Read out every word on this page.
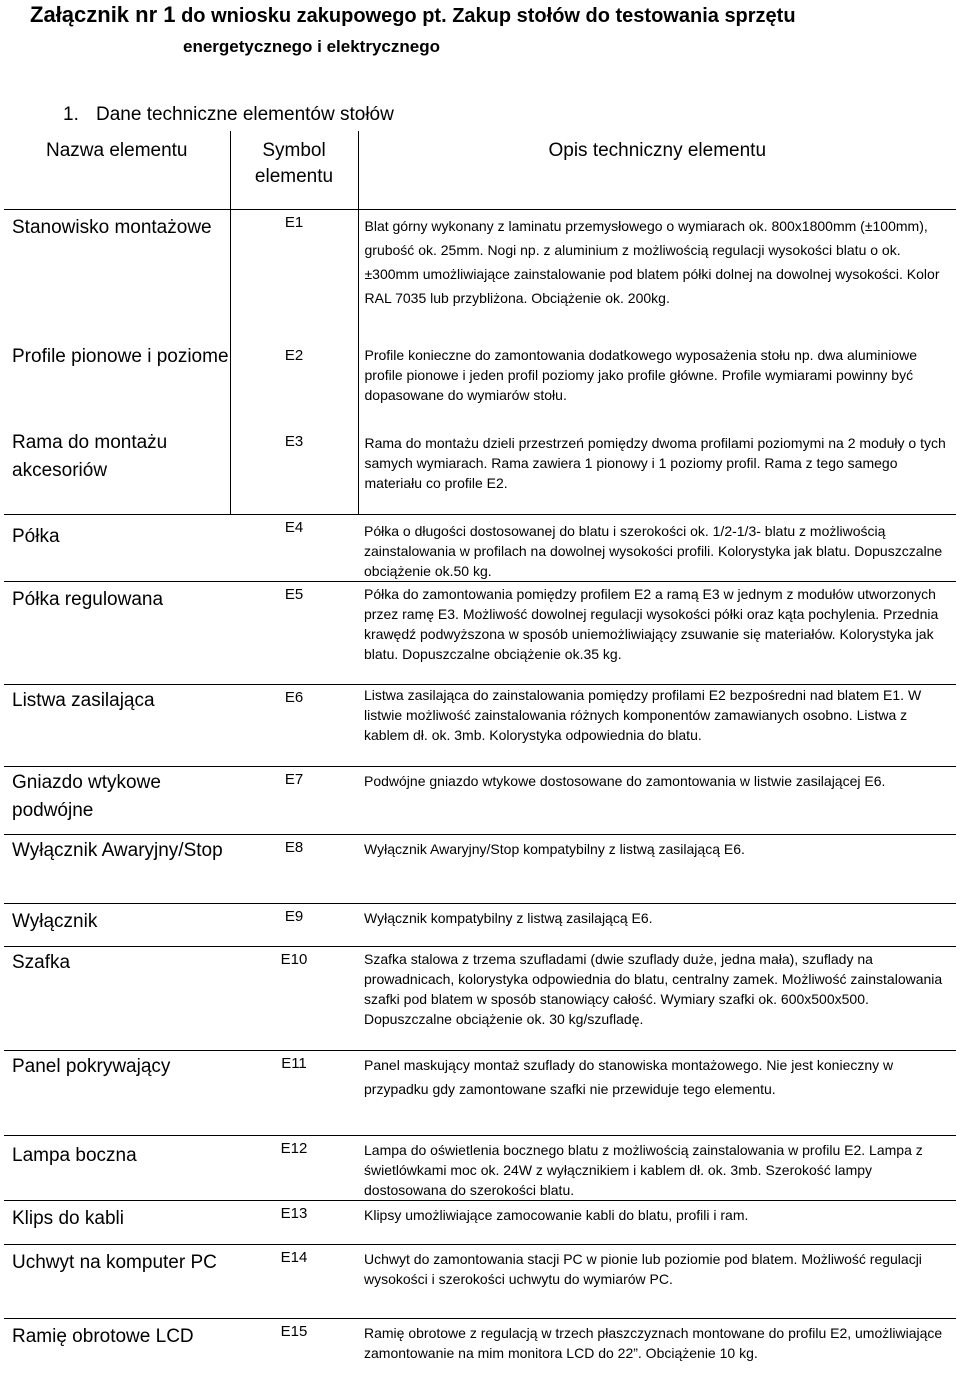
Załącznik nr 1 do wniosku zakupowego pt. Zakup stołów do testowania sprzętu
energetycznego i elektrycznego
1. Dane techniczne elementów stołów
Nazwa elementu	Symbol elementu	Opis techniczny elementu
Stanowisko montażowe	E1	Blat górny wykonany z laminatu przemysłowego o wymiarach ok. 800x1800mm (±100mm), grubość ok. 25mm. Nogi np. z aluminium z możliwością regulacji wysokości blatu o ok. ±300mm umożliwiające zainstalowanie pod blatem półki dolnej na dowolnej wysokości. Kolor RAL 7035 lub przybliżona. Obciążenie ok. 200kg.
Profile pionowe i poziome	E2	Profile konieczne do zamontowania dodatkowego wyposażenia stołu np. dwa aluminiowe profile pionowe i jeden profil poziomy jako profile główne. Profile wymiarami powinny być dopasowane do wymiarów stołu.
Rama do montażu akcesoriów	E3	Rama do montażu dzieli przestrzeń pomiędzy dwoma profilami poziomymi na 2 moduły o tych samych wymiarach. Rama zawiera 1 pionowy i 1 poziomy profil. Rama z tego samego materiału co profile E2.
Półka	E4	Półka o długości dostosowanej do blatu i szerokości ok. 1/2-1/3- blatu z możliwością zainstalowania w profilach na dowolnej wysokości profili. Kolorystyka jak blatu. Dopuszczalne obciążenie ok.50 kg.
Półka regulowana	E5	Półka do zamontowania pomiędzy profilem E2 a ramą E3 w jednym z modułów utworzonych przez ramę E3. Możliwość dowolnej regulacji wysokości półki oraz kąta pochylenia. Przednia krawędź podwyższona w sposób uniemożliwiający zsuwanie się materiałów. Kolorystyka jak blatu. Dopuszczalne obciążenie ok.35 kg.
Listwa zasilająca	E6	Listwa zasilająca do zainstalowania pomiędzy profilami E2 bezpośredni nad blatem E1. W listwie możliwość zainstalowania różnych komponentów zamawianych osobno. Listwa z kablem dł. ok. 3mb. Kolorystyka odpowiednia do blatu.
Gniazdo wtykowe podwójne	E7	Podwójne gniazdo wtykowe dostosowane do zamontowania w listwie zasilającej E6.
Wyłącznik Awaryjny/Stop	E8	Wyłącznik Awaryjny/Stop kompatybilny z listwą zasilającą E6.
Wyłącznik	E9	Wyłącznik kompatybilny z listwą zasilającą E6.
Szafka	E10	Szafka stalowa z trzema szufladami (dwie szuflady duże, jedna mała), szuflady na prowadnicach, kolorystyka odpowiednia do blatu, centralny zamek. Możliwość zainstalowania szafki pod blatem w sposób stanowiący całość. Wymiary szafki ok. 600x500x500. Dopuszczalne obciążenie ok. 30 kg/szufladę.
Panel pokrywający	E11	Panel maskujący montaż szuflady do stanowiska montażowego. Nie jest konieczny w przypadku gdy zamontowane szafki nie przewiduje tego elementu.
Lampa boczna	E12	Lampa do oświetlenia bocznego blatu z możliwością zainstalowania w profilu E2. Lampa z świetlówkami moc ok. 24W z wyłącznikiem i kablem dł. ok. 3mb. Szerokość lampy dostosowana do szerokości blatu.
Klips do kabli	E13	Klipsy umożliwiające zamocowanie kabli do blatu, profili i ram.
Uchwyt na komputer PC	E14	Uchwyt do zamontowania stacji PC w pionie lub poziomie pod blatem. Możliwość regulacji wysokości i szerokości uchwytu do wymiarów PC.
Ramię obrotowe LCD	E15	Ramię obrotowe z regulacją w trzech płaszczyznach montowane do profilu E2, umożliwiające zamontowanie na mim monitora LCD do 22”. Obciążenie 10 kg.
